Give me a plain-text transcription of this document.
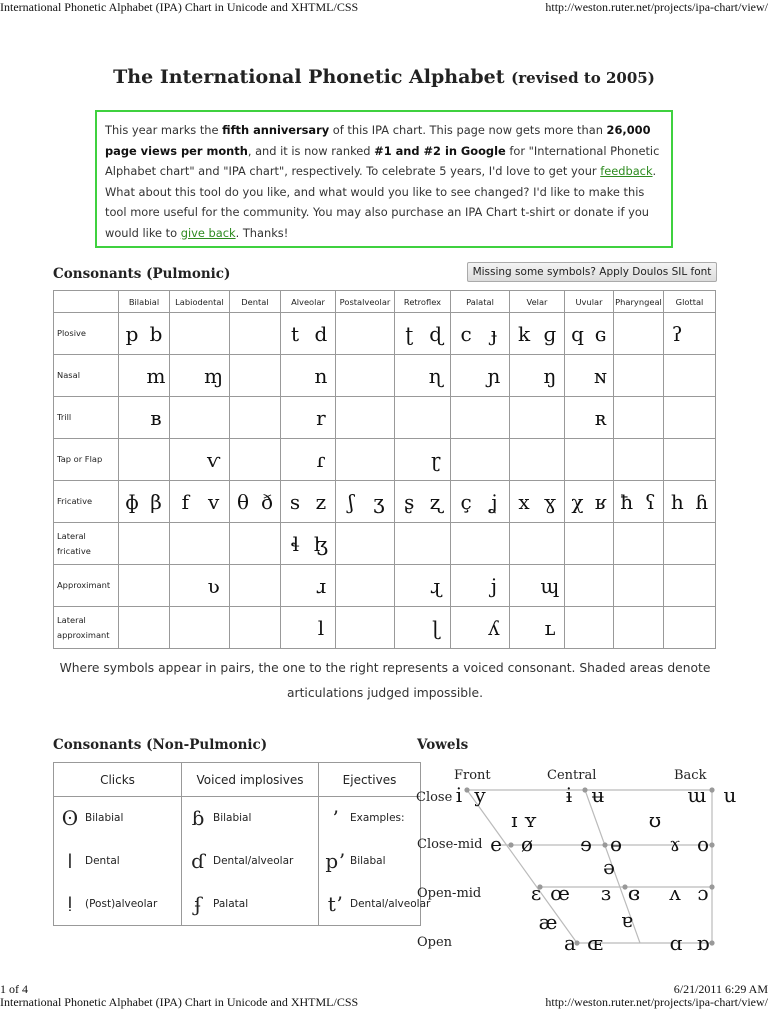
International Phonetic Alphabet (IPA) Chart in Unicode and XHTML/CSS	http://weston.ruter.net/projects/ipa-chart/view/
The International Phonetic Alphabet (revised to 2005)
This year marks the fifth anniversary of this IPA chart. This page now gets more than 26,000 page views per month, and it is now ranked #1 and #2 in Google for "International Phonetic Alphabet chart" and "IPA chart", respectively. To celebrate 5 years, I'd love to get your feedback. What about this tool do you like, and what would you like to see changed? I'd like to make this tool more useful for the community. You may also purchase an IPA Chart t-shirt or donate if you would like to give back. Thanks!
Consonants (Pulmonic)	Missing some symbols? Apply Doulos SIL font
	Bilabial	Labiodental	Dental	Alveolar	Postalveolar	Retroflex	Palatal	Velar	Uvular	Pharyngeal	Glottal
Plosive	p b			t d		ʈ ɖ	c ɟ	k ɡ	q ɢ		ʔ
Nasal	m	ɱ		n		ɳ	ɲ	ŋ	ɴ		
Trill	ʙ			r					ʀ		
Tap or Flap		ⱱ		ɾ		ɽ					
Fricative	ɸ β	f v	θ ð	s z	ʃ ʒ	ʂ ʐ	ç ʝ	x ɣ	χ ʁ	ħ ʕ	h ɦ
Lateral fricative				ɬ ɮ							
Approximant		ʋ		ɹ		ɻ	j	ɰ			
Lateral approximant				l		ɭ	ʎ	ʟ			
Where symbols appear in pairs, the one to the right represents a voiced consonant. Shaded areas denote articulations judged impossible.
Consonants (Non-Pulmonic)
Clicks	Voiced implosives	Ejectives
ʘ Bilabial	ɓ Bilabial	ʼ Examples:
ǀ Dental	ɗ Dental/alveolar	pʼ Bilabal
ǃ (Post)alveolar	ʄ Palatal	tʼ Dental/alveolar
Vowels
Front	Central	Back
Close
Close-mid
Open-mid
Open
i y	ɨ ʉ	ɯ u
ɪ ʏ	ʊ
e ø ɘ ɵ ɤ o
ə
ɛ œ ɜ ɞ ʌ ɔ
æ	ɐ
a ɶ	ɑ ɒ
1 of 4	6/21/2011 6:29 AM
International Phonetic Alphabet (IPA) Chart in Unicode and XHTML/CSS	http://weston.ruter.net/projects/ipa-chart/view/
